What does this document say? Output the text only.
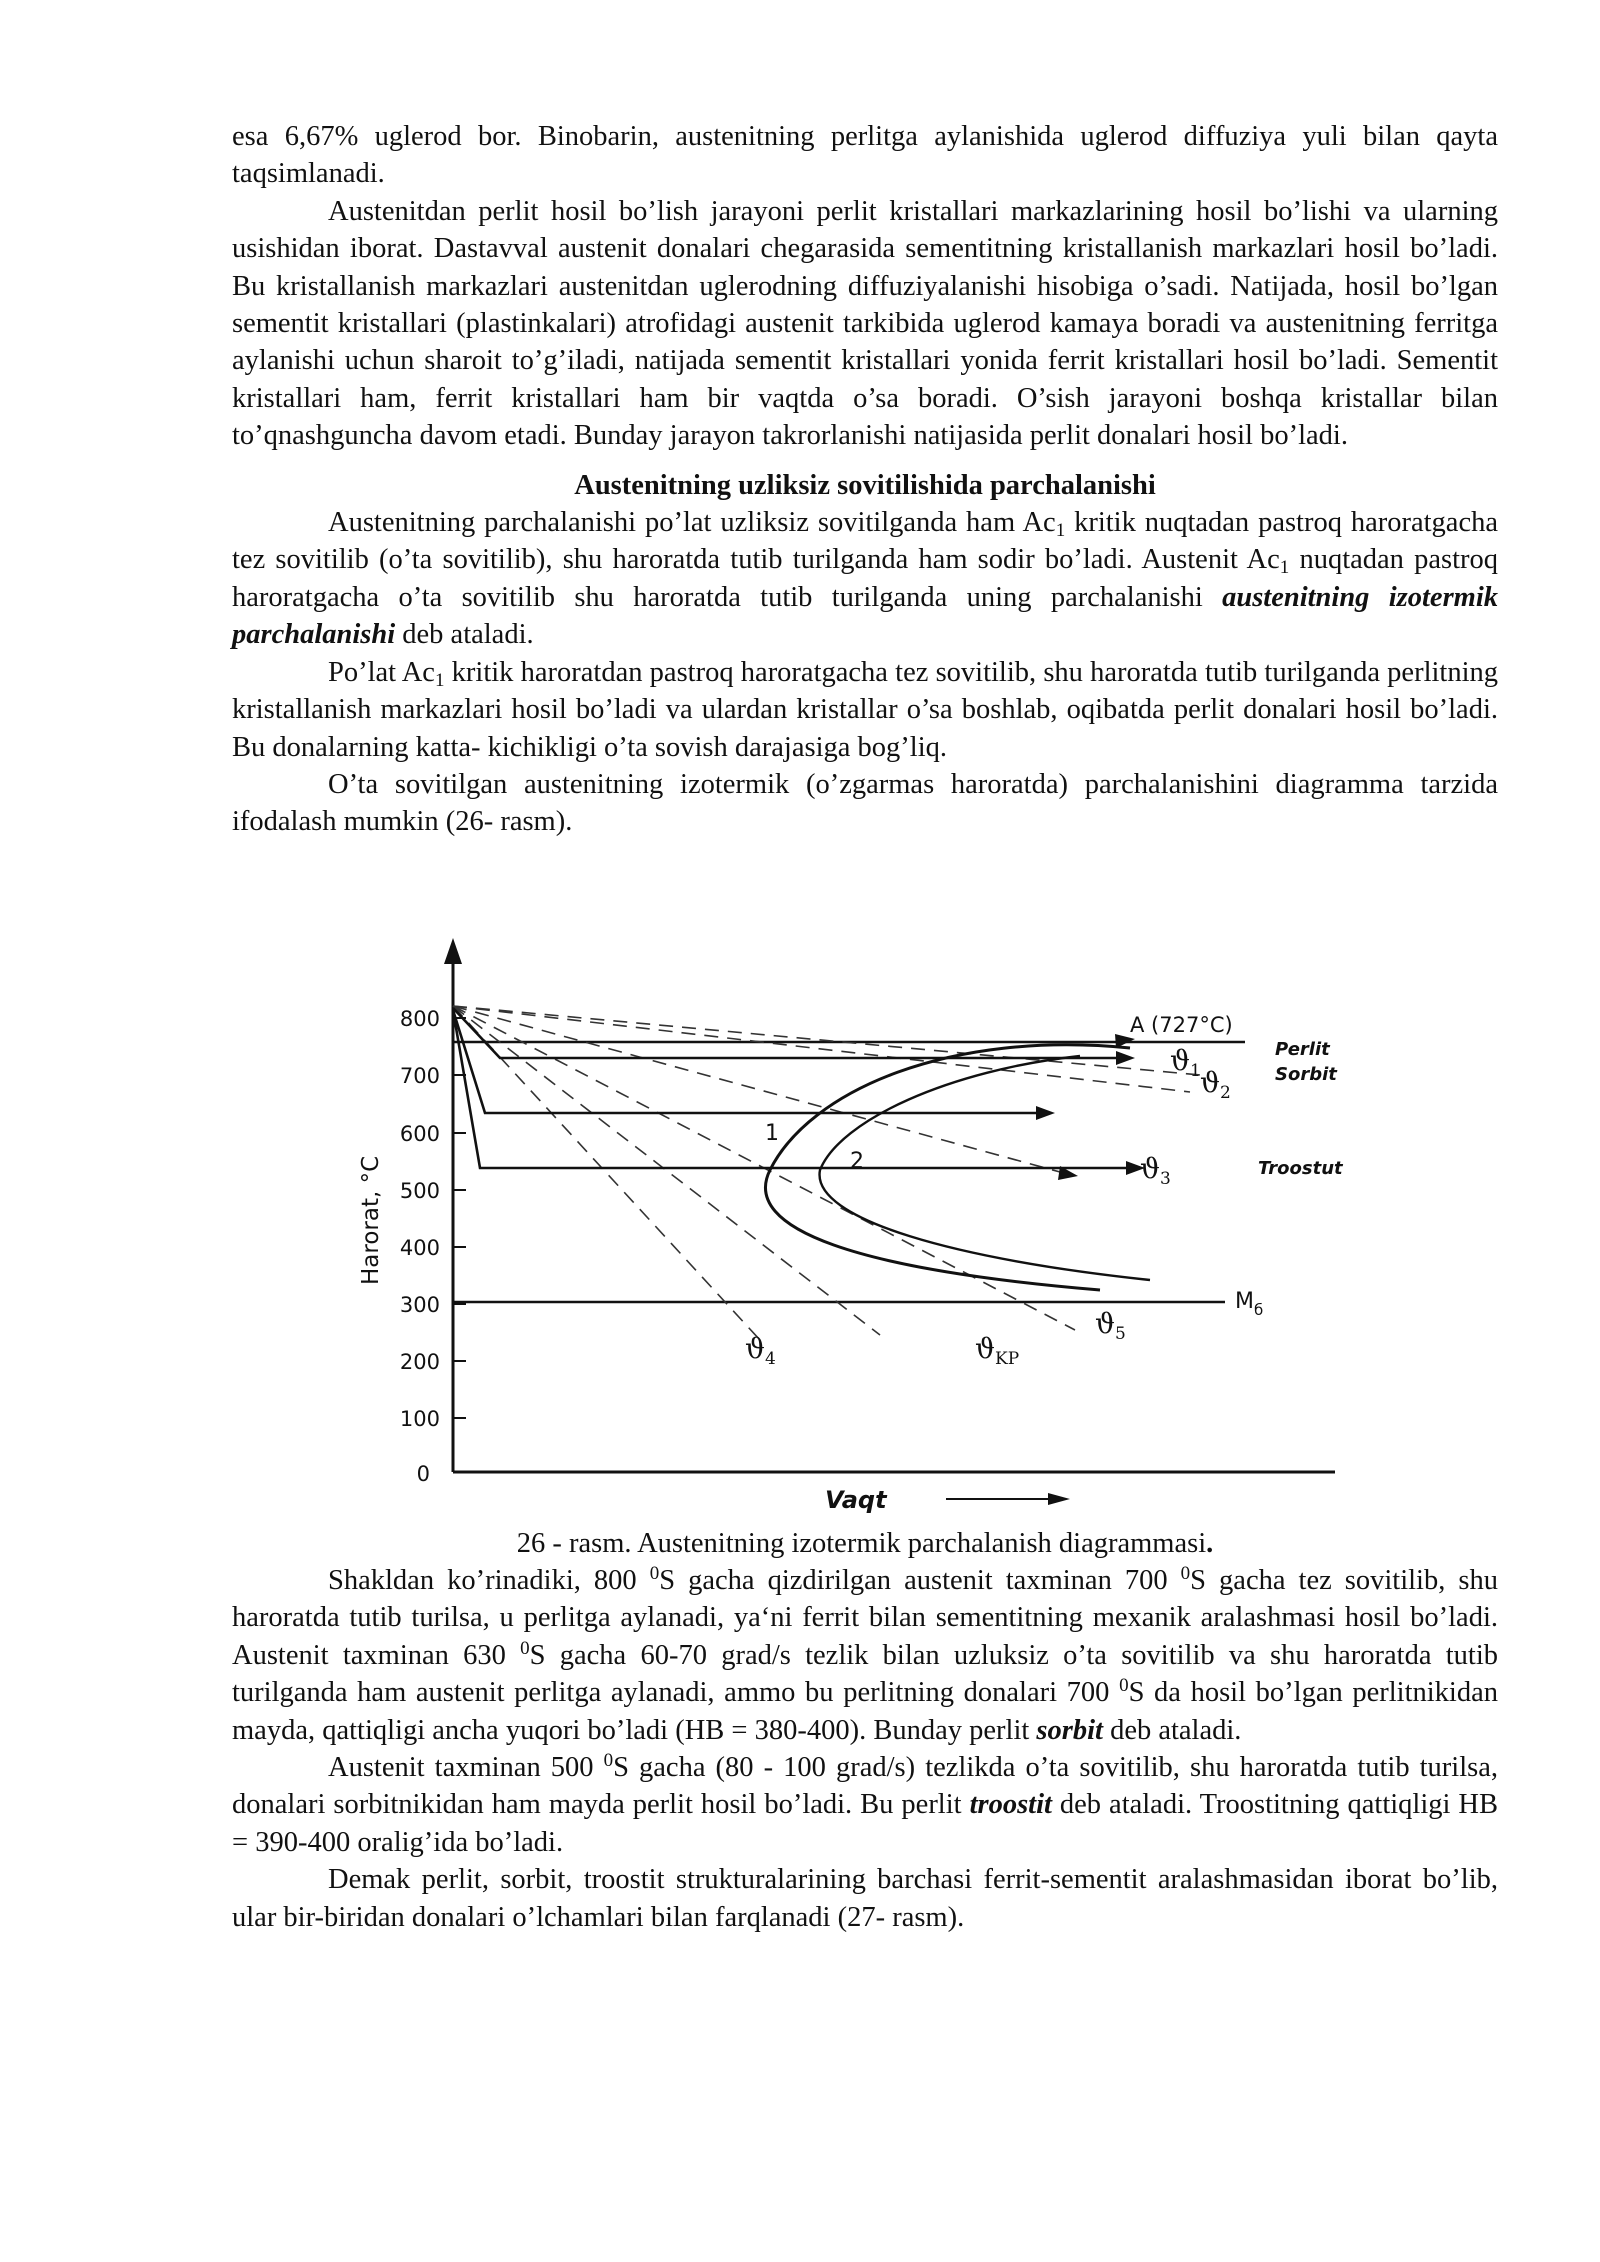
esa 6,67% uglerod bor. Binobarin, austenitning perlitga aylanishida uglerod diffuziya yuli bilan qayta taqsimlanadi.

Austenitdan perlit hosil bo’lish jarayoni perlit kristallari markazlarining hosil bo’lishi va ularning usishidan iborat. Dastavval austenit donalari chegarasida sementitning kristallanish markazlari hosil bo’ladi. Bu kristallanish markazlari austenitdan uglerodning diffuziyalanishi hisobiga o’sadi. Natijada, hosil bo’lgan sementit kristallari (plastinkalari) atrofidagi austenit tarkibida uglerod kamaya boradi va austenitning ferritga aylanishi uchun sharoit to’g’iladi, natijada sementit kristallari yonida ferrit kristallari hosil bo’ladi. Sementit kristallari ham, ferrit kristallari ham bir vaqtda o’sa boradi. O’sish jarayoni boshqa kristallar bilan to’qnashguncha davom etadi. Bunday jarayon takrorlanishi natijasida perlit donalari hosil bo’ladi.

Austenitning uzliksiz sovitilishida parchalanishi

Austenitning parchalanishi po’lat uzliksiz sovitilganda ham $Ac_1$ kritik nuqtadan pastroq haroratgacha tez sovitilib (o’ta sovitilib), shu haroratda tutib turilganda ham sodir bo’ladi. Austenit $Ac_1$ nuqtadan pastroq haroratgacha o’ta sovitilib shu haroratda tutib turilganda uning parchalanishi austenitning izotermik parchalanishi deb ataladi.

Po’lat $Ac_1$ kritik haroratdan pastroq haroratgacha tez sovitilib, shu haroratda tutib turilganda perlitning kristallanish markazlari hosil bo’ladi va ulardan kristallar o’sa boshlab, oqibatda perlit donalari hosil bo’ladi. Bu donalarning katta- kichikligi o’ta sovish darajasiga bog’liq.

O’ta sovitilgan austenitning izotermik (o’zgarmas haroratda) parchalanishini diagramma tarzida ifodalash mumkin (26- rasm).

800
700
600
500
400
300
200
100
0
Harorat, °C
A (727°C)
$M_б$
1
2
$ϑ_1$ $ϑ_2$
$ϑ_3$
$ϑ_4$
$ϑ_5$
$ϑ_{KP}$
Perlit
Sorbit
Troostut
Vaqt
26 - rasm. Austenitning izotermik parchalanish diagrammasi.

Shakldan ko’rinadiki, 800 $^0$S gacha qizdirilgan austenit taxminan 700 $^0$S gacha tez sovitilib, shu haroratda tutib turilsa, u perlitga aylanadi, ya‘ni ferrit bilan sementitning mexanik aralashmasi hosil bo’ladi. Austenit taxminan 630 $^0$S gacha 60-70 grad/s tezlik bilan uzluksiz o’ta sovitilib va shu haroratda tutib turilganda ham austenit perlitga aylanadi, ammo bu perlitning donalari 700 $^0$S da hosil bo’lgan perlitnikidan mayda, qattiqligi ancha yuqori bo’ladi (HB = 380-400). Bunday perlit sorbit deb ataladi.

Austenit taxminan 500 $^0$S gacha (80 - 100 grad/s) tezlikda o’ta sovitilib, shu haroratda tutib turilsa, donalari sorbitnikidan ham mayda perlit hosil bo’ladi. Bu perlit troostit deb ataladi. Troostitning qattiqligi HB = 390-400 oralig’ida bo’ladi.

Demak perlit, sorbit, troostit strukturalarining barchasi ferrit-sementit aralashmasidan iborat bo’lib, ular bir-biridan donalari o’lchamlari bilan farqlanadi (27- rasm).
